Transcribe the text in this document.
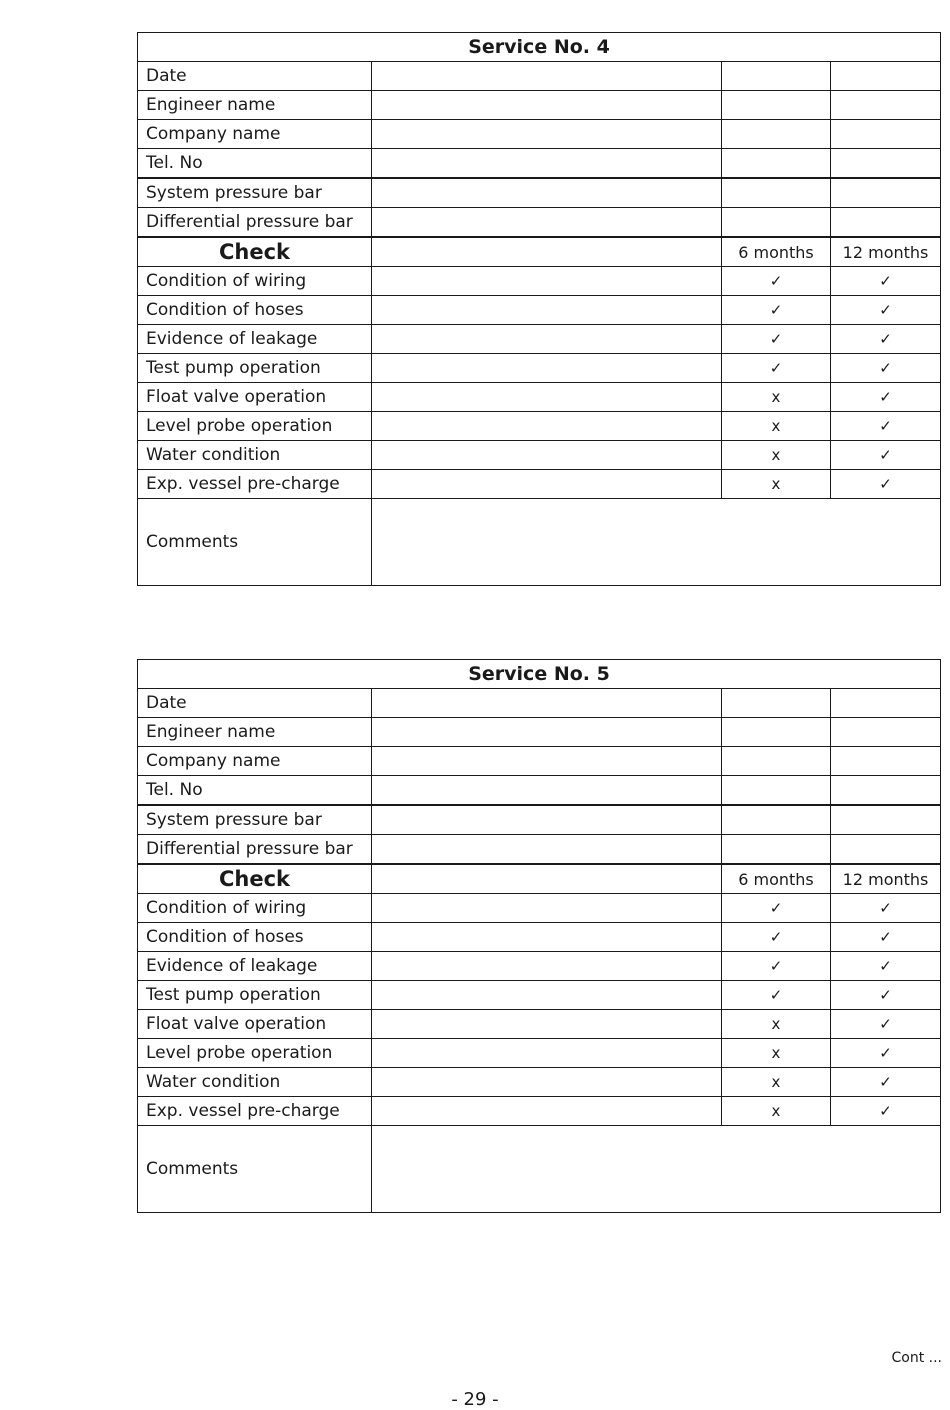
Service No. 4			
Date			
Engineer name			
Company name			
Tel. No			
System pressure bar			
Differential pressure bar			
Check		6 months	12 months
Condition of wiring		✓	✓
Condition of hoses		✓	✓
Evidence of leakage		✓	✓
Test pump operation		✓	✓
Float valve operation		x	✓
Level probe operation		x	✓
Water condition		x	✓
Exp. vessel pre-charge		x	✓
Comments			
Service No. 5			
Date			
Engineer name			
Company name			
Tel. No			
System pressure bar			
Differential pressure bar			
Check		6 months	12 months
Condition of wiring		✓	✓
Condition of hoses		✓	✓
Evidence of leakage		✓	✓
Test pump operation		✓	✓
Float valve operation		x	✓
Level probe operation		x	✓
Water condition		x	✓
Exp. vessel pre-charge		x	✓
Comments			
Cont ...
- 29 -
